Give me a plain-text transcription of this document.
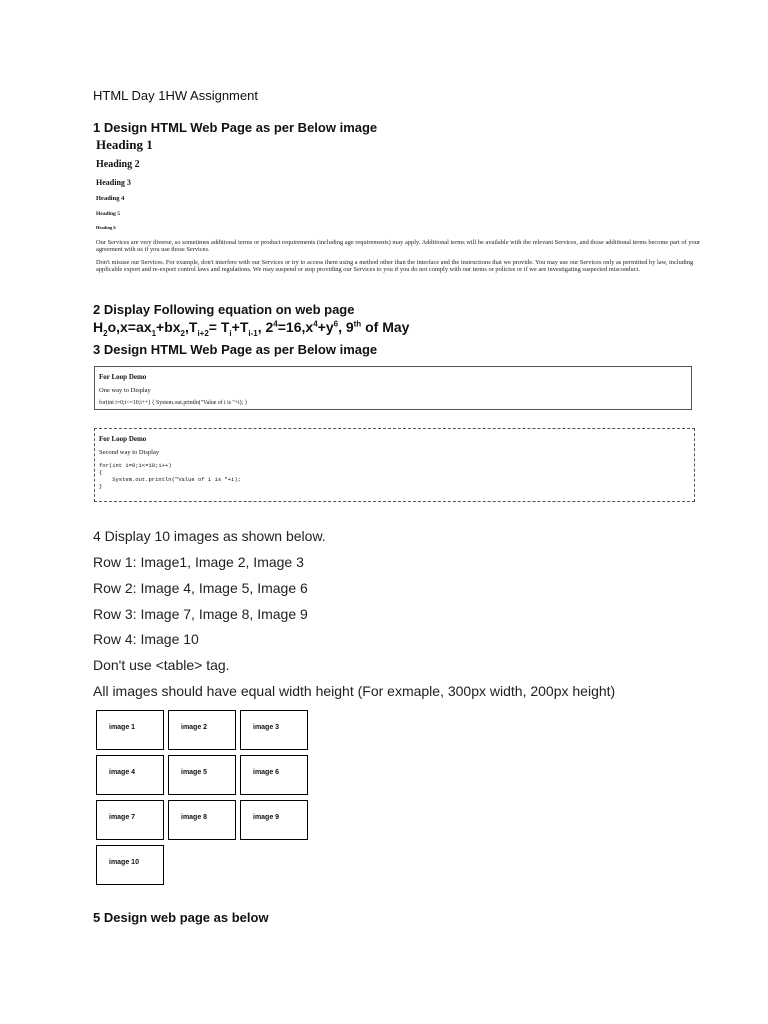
HTML Day 1HW Assignment
1 Design HTML Web Page as per Below image
Heading 1
Heading 2
Heading 3
Heading 4
Heading 5
Heading 6

Our Services are very diverse, so sometimes additional terms or product requirements (including age requirements) may apply. Additional terms will be available with the relevant Services, and those additional terms become part of your agreement with us if you use those Services.

Don't misuse our Services. For example, don't interfere with our Services or try to access them using a method other than the interface and the instructions that we provide. You may use our Services only as permitted by law, including applicable export and re-export control laws and regulations. We may suspend or stop providing our Services to you if you do not comply with our terms or policies or if we are investigating suspected misconduct.

2 Display Following equation on web page
$H_2o,x=ax_1+bx_2,T_{i+2}= T_i+T_{i-1}$, $2^4=16,x^4+y^6$, 9th of May
3 Design HTML Web Page as per Below image
For Loop Demo
One way to Display
for(int i=0;i<=10;i++) { System.out.println("Value of i is "+i); }
For Loop Demo
Second way to Display
for(int i=0;i<=10;i++)
{
System.out.println("Value of i is "+i);
}
4 Display 10 images as shown below.
Row 1: Image1, Image 2, Image 3
Row 2: Image 4, Image 5, Image 6
Row 3: Image 7, Image 8, Image 9
Row 4: Image 10
Don't use <table> tag.
All images should have equal width height (For exmaple, 300px width, 200px height)
image 1	image 2	image 3
image 4	image 5	image 6
image 7	image 8	image 9
image 10
5 Design web page as below
